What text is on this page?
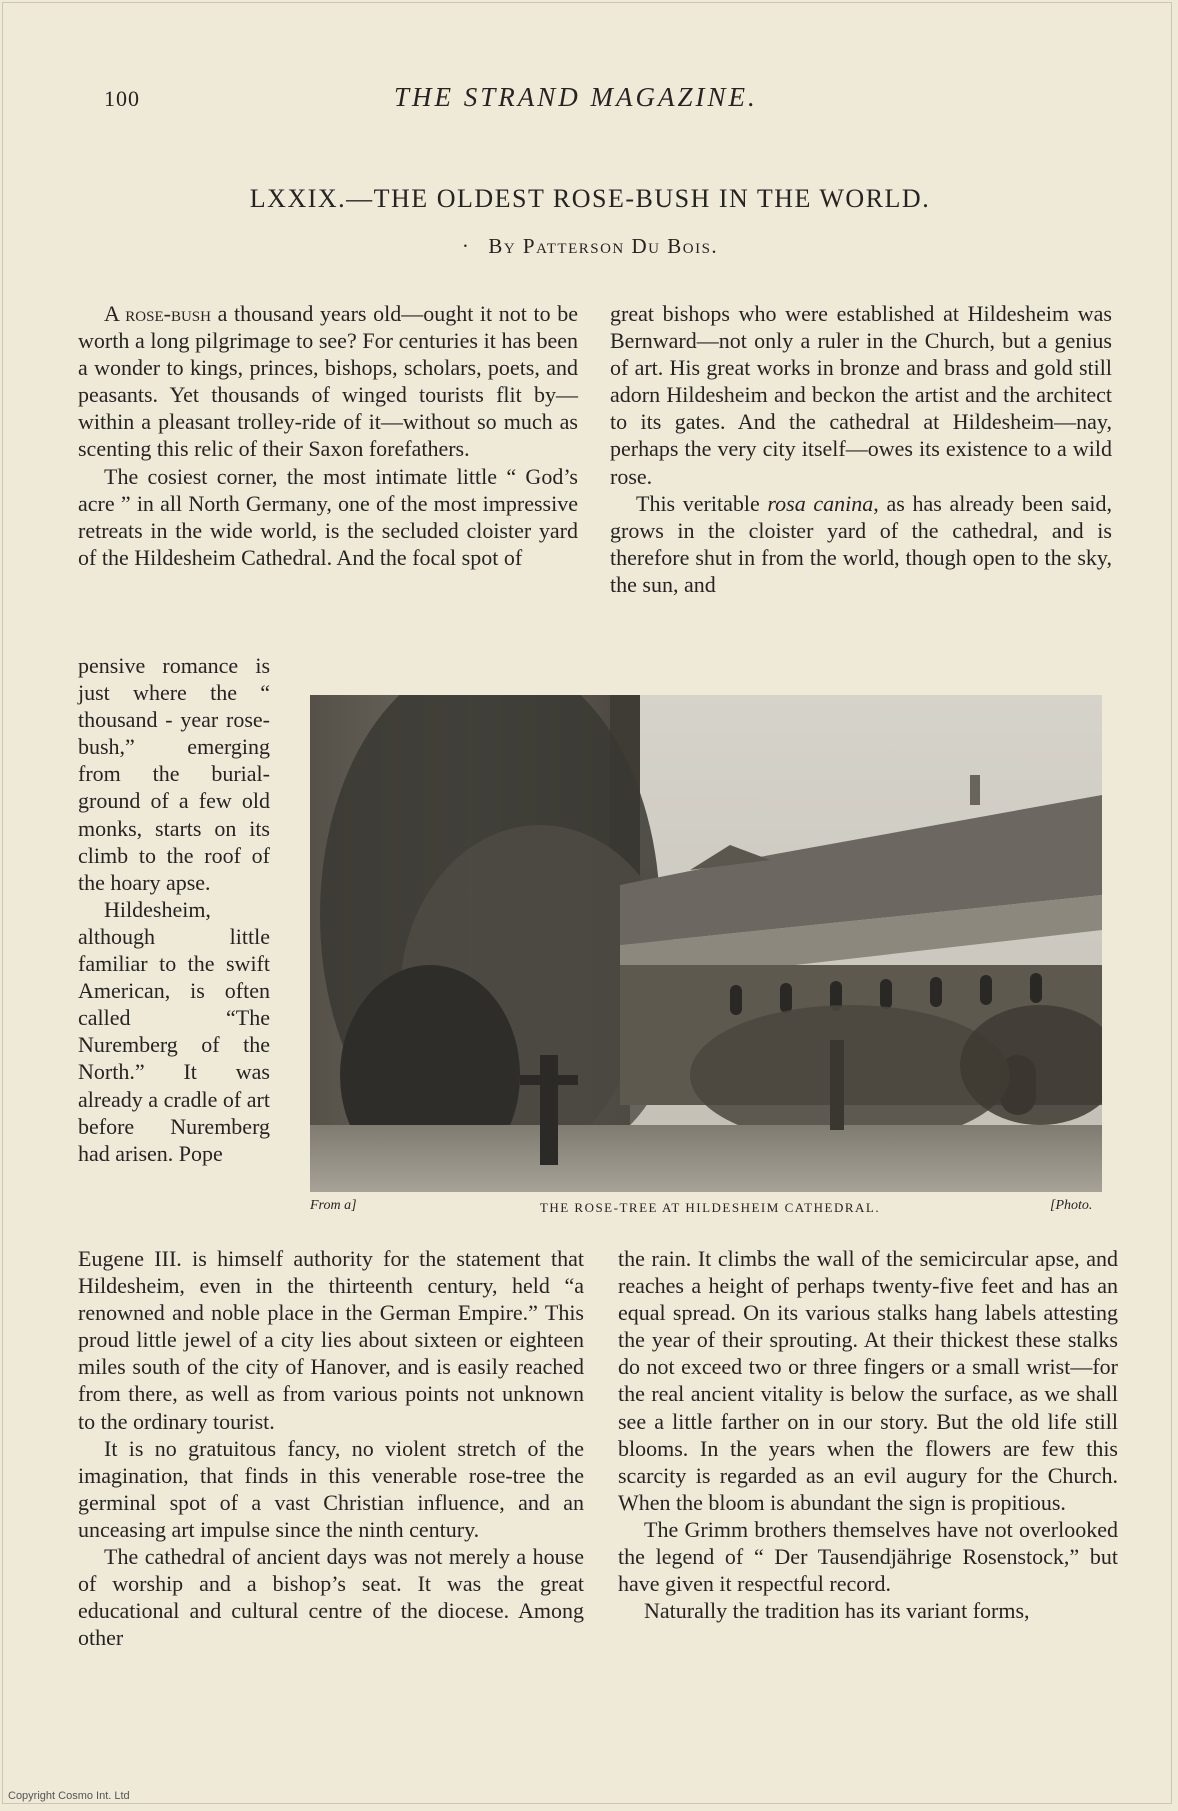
100	THE STRAND MAGAZINE.
LXXIX.—THE OLDEST ROSE-BUSH IN THE WORLD.
· By Patterson Du Bois.

A rose-bush a thousand years old—ought it not to be worth a long pilgrimage to see? For centuries it has been a wonder to kings, princes, bishops, scholars, poets, and peasants. Yet thousands of winged tourists flit by—within a pleasant trolley-ride of it—without so much as scenting this relic of their Saxon forefathers.

The cosiest corner, the most intimate little “ God’s acre ” in all North Germany, one of the most impressive retreats in the wide world, is the secluded cloister yard of the Hildesheim Cathedral. And the focal spot of

pensive romance is just where the “ thousand - year rose-bush,” emerging from the burial-ground of a few old monks, starts on its climb to the roof of the hoary apse.

Hildesheim, although little familiar to the swift American, is often called “The Nuremberg of the North.” It was already a cradle of art before Nuremberg had arisen. Pope

Eugene III. is himself authority for the statement that Hildesheim, even in the thirteenth century, held “a renowned and noble place in the German Empire.” This proud little jewel of a city lies about sixteen or eighteen miles south of the city of Hanover, and is easily reached from there, as well as from various points not unknown to the ordinary tourist.

It is no gratuitous fancy, no violent stretch of the imagination, that finds in this venerable rose-tree the germinal spot of a vast Christian influence, and an unceasing art impulse since the ninth century.

The cathedral of ancient days was not merely a house of worship and a bishop’s seat. It was the great educational and cultural centre of the diocese. Among other

great bishops who were established at Hildesheim was Bernward—not only a ruler in the Church, but a genius of art. His great works in bronze and brass and gold still adorn Hildesheim and beckon the artist and the architect to its gates. And the cathedral at Hildesheim—nay, perhaps the very city itself—owes its existence to a wild rose.

This veritable rosa canina, as has already been said, grows in the cloister yard of the cathedral, and is therefore shut in from the world, though open to the sky, the sun, and

the rain. It climbs the wall of the semicircular apse, and reaches a height of perhaps twenty-five feet and has an equal spread. On its various stalks hang labels attesting the year of their sprouting. At their thickest these stalks do not exceed two or three fingers or a small wrist—for the real ancient vitality is below the surface, as we shall see a little farther on in our story. But the old life still blooms. In the years when the flowers are few this scarcity is regarded as an evil augury for the Church. When the bloom is abundant the sign is propitious.

The Grimm brothers themselves have not overlooked the legend of “ Der Tausendjährige Rosenstock,” but have given it respectful record.

Naturally the tradition has its variant forms,

From a]	THE ROSE-TREE AT HILDESHEIM CATHEDRAL.	[Photo.
Copyright Cosmo Int. Ltd
